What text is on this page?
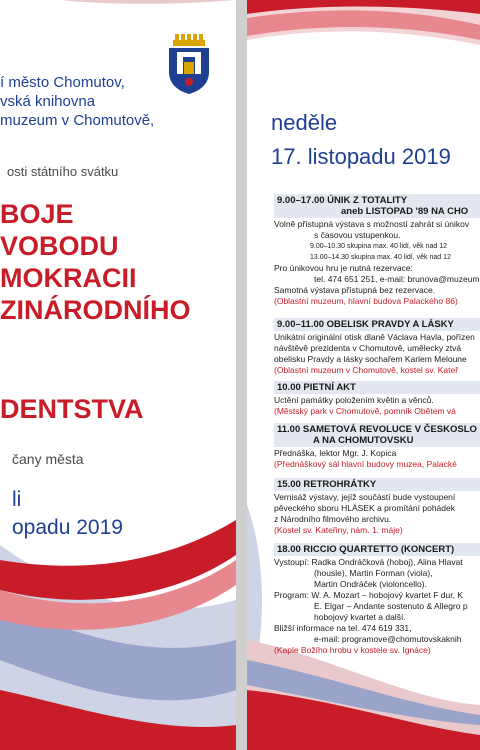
í město Chomutov,
vská knihovna
muzeum v Chomutově,
osti státního svátku
BOJE
VOBODU
MOKRACII
ZINÁRODNÍHO
DENTSTVA
čany města
li
opadu 2019
neděle
17. listopadu 2019
9.00–17.00 ÚNIK Z TOTALITY
aneb LISTOPAD '89 NA CHO
Volně přístupná výstava s možností zahrát si únikov
s časovou vstupenkou.
9.00–10.30 skupina max. 40 lidí, věk nad 12
13.00–14.30 skupina max. 40 lidí, věk nad 12
Pro únikovou hru je nutná rezervace:
tel. 474 651 251, e-mail: brunova@muzeum
Samotná výstava přístupná bez rezervace.
(Oblastní muzeum, hlavní budova Palackého 86)
9.00–11.00 OBELISK PRAVDY A LÁSKY
Unikátní originální otisk dlaně Václava Havla, pořízen
návštěvě prezidenta v Chomutově, umělecky ztvá
obelisku Pravdy a lásky sochařem Karlem Meloune
(Oblastní muzeum v Chomutově, kostel sv. Kateř
10.00 PIETNÍ AKT
Uctění památky položením květin a věnců.
(Městský park v Chomutově, pomník Obětem vá
11.00 SAMETOVÁ REVOLUCE V ČESKOSLO
A NA CHOMUTOVSKU
Přednáška, lektor Mgr. J. Kopica
(Přednáškový sál hlavní budovy muzea, Palacké
15.00 RETROHRÁTKY
Vernisáž výstavy, jejíž součástí bude vystoupení
pěveckého sboru HLÁSEK a promítání pohádek
z Národního filmového archivu.
(Kostel sv. Kateřiny, nám. 1. máje)
18.00 RICCIO QUARTETTO (KONCERT)
Vystoupí: Radka Ondráčková (hoboj), Alina Hlavat
(housle), Martin Forman (viola),
Martin Ondráček (violoncello).
Program: W. A. Mozart – hobojový kvartet F dur, K
E. Elgar – Andante sostenuto & Allegro p
hobojový kvartet a další.
Bližší informace na tel. 474 619 331,
e-mail: programove@chomutovskaknih
(Kaple Božího hrobu v kostele sv. Ignáce)
